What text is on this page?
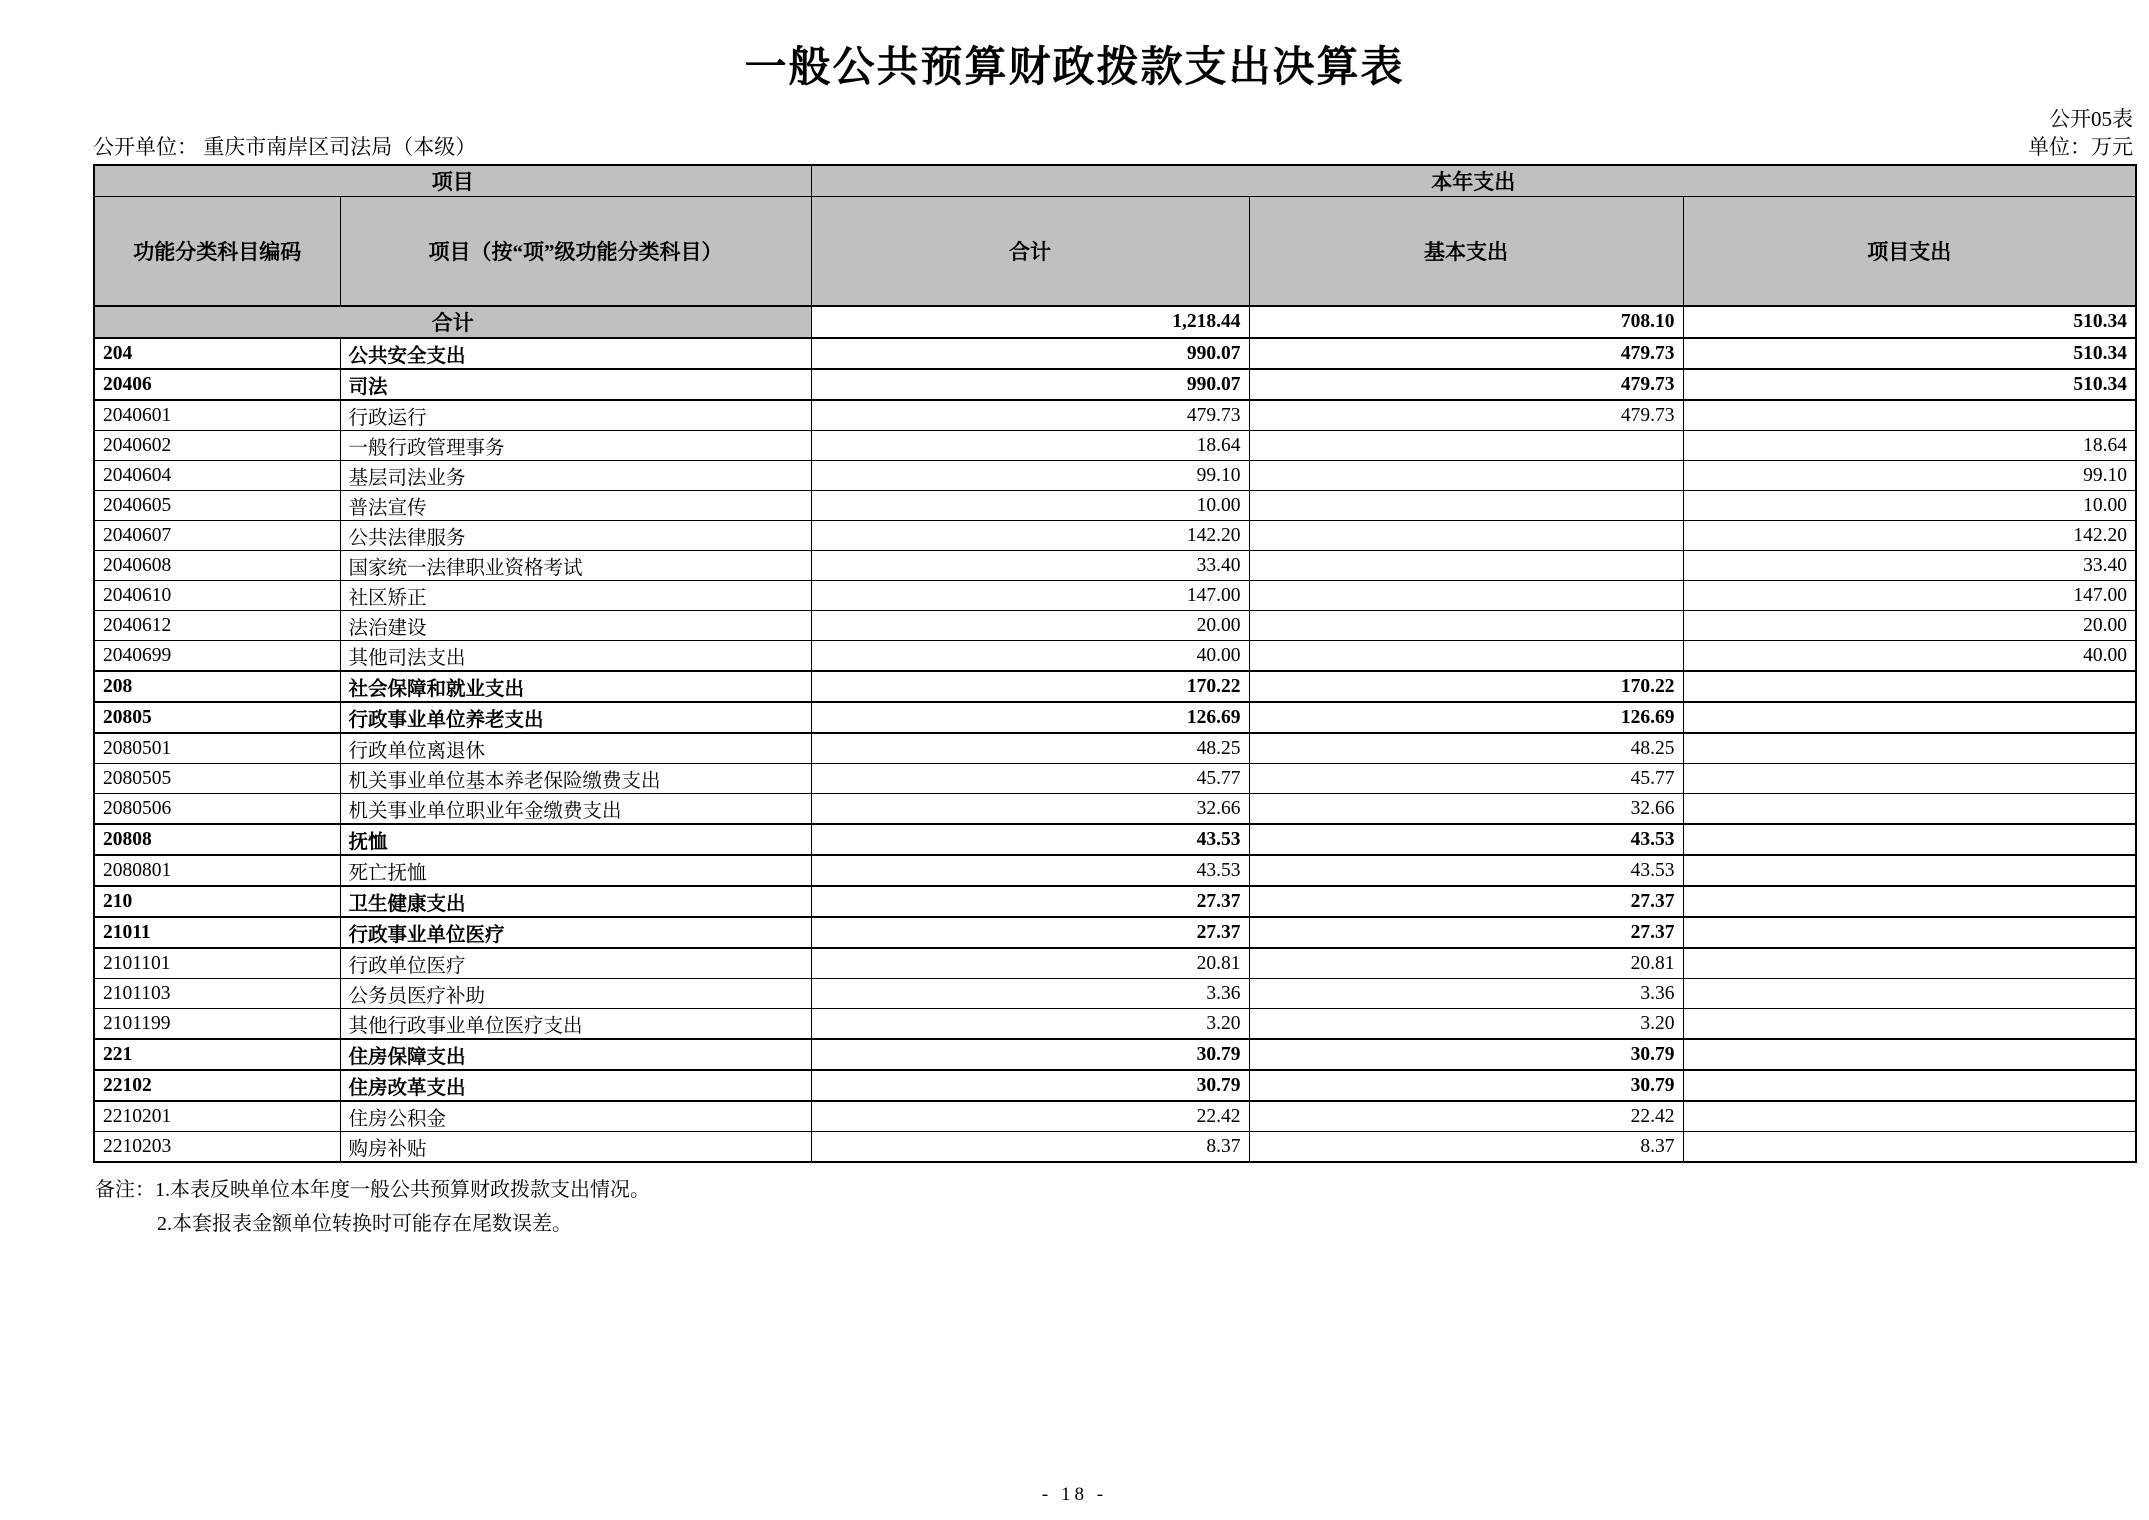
一般公共预算财政拨款支出决算表
公开05表
公开单位： 重庆市南岸区司法局（本级）	单位：万元
项目		本年支出		
功能分类科目编码	项目（按“项”级功能分类科目）	合计	基本支出	项目支出
合计		1,218.44	708.10	510.34
204	公共安全支出	990.07	479.73	510.34
20406	司法	990.07	479.73	510.34
2040601	行政运行	479.73	479.73	
2040602	一般行政管理事务	18.64		18.64
2040604	基层司法业务	99.10		99.10
2040605	普法宣传	10.00		10.00
2040607	公共法律服务	142.20		142.20
2040608	国家统一法律职业资格考试	33.40		33.40
2040610	社区矫正	147.00		147.00
2040612	法治建设	20.00		20.00
2040699	其他司法支出	40.00		40.00
208	社会保障和就业支出	170.22	170.22	
20805	行政事业单位养老支出	126.69	126.69	
2080501	行政单位离退休	48.25	48.25	
2080505	机关事业单位基本养老保险缴费支出	45.77	45.77	
2080506	机关事业单位职业年金缴费支出	32.66	32.66	
20808	抚恤	43.53	43.53	
2080801	死亡抚恤	43.53	43.53	
210	卫生健康支出	27.37	27.37	
21011	行政事业单位医疗	27.37	27.37	
2101101	行政单位医疗	20.81	20.81	
2101103	公务员医疗补助	3.36	3.36	
2101199	其他行政事业单位医疗支出	3.20	3.20	
221	住房保障支出	30.79	30.79	
22102	住房改革支出	30.79	30.79	
2210201	住房公积金	22.42	22.42	
2210203	购房补贴	8.37	8.37	
备注：1.本表反映单位本年度一般公共预算财政拨款支出情况。
2.本套报表金额单位转换时可能存在尾数误差。
- 18 -
